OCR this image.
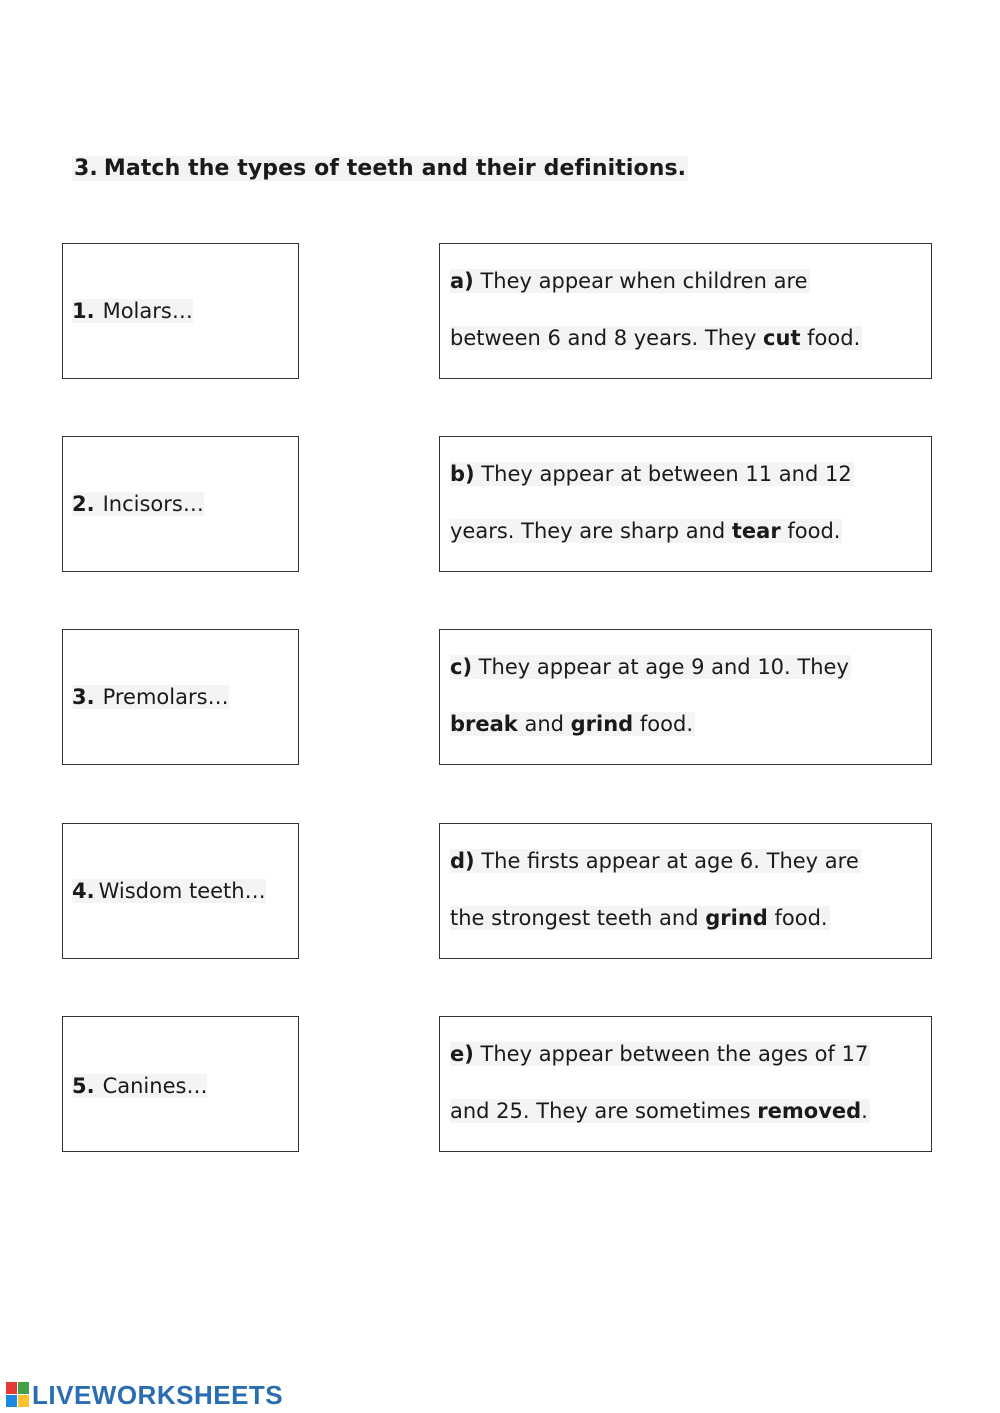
3. Match the types of teeth and their definitions.
1. Molars…
a) They appear when children are
between 6 and 8 years. They cut food.
2. Incisors…
b) They appear at between 11 and 12
years. They are sharp and tear food.
3. Premolars…
c) They appear at age 9 and 10. They
break and grind food.
4. Wisdom teeth…
d) The firsts appear at age 6. They are
the strongest teeth and grind food.
5. Canines…
e) They appear between the ages of 17
and 25. They are sometimes removed.
LIVEWORKSHEETS
